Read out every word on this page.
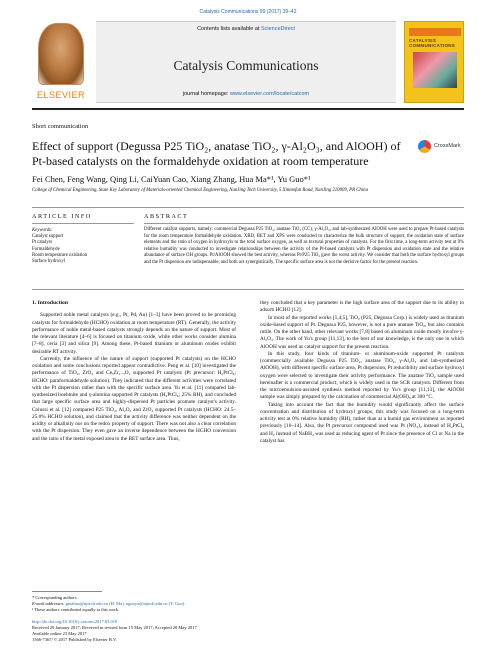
Catalysis Communications 99 (2017) 39–42
ELSEVIER
Contents lists available at ScienceDirect
Catalysis Communications
journal homepage: www.elsevier.com/locate/catcom
CATALYSIS COMMUNICATIONS
Short communication
Effect of support (Degussa P25 TiO₂, anatase TiO₂, γ-Al₂O₃, and AlOOH) of Pt-based catalysts on the formaldehyde oxidation at room temperature
CrossMark
Fei Chen, Feng Wang, Qing Li, CaiYuan Cao, Xiang Zhang, Hua Ma*¹, Yu Guo*¹
College of Chemical Engineering, State Key Laboratory of Materials-oriented Chemical Engineering, NanJing Tech University, 5 Xinmofan Road, NanJing 210009, PR China
ARTICLE INFO	ABSTRACT
Keywords:
Catalyst support
Pt catalyst
Formaldehyde
Room temperature oxidation
Surface hydroxyl
Different catalyst supports, namely: commercial Degussa P25 TiO₂, anatase TiO₂ (CC), γ-Al₂O₃, and lab-synthesized AlOOH were used to prepare Pt-based catalysts for the room temperature formaldehyde oxidation. XRD, BET and XPS were conducted to characterize the bulk structure of support, the oxidation state of surface elements and the ratio of oxygen in hydroxyls to the total surface oxygen, as well as textural properties of catalysts. For the first time, a long-term activity test at 0% relative humidity was conducted to investigate relationships between the activity of the Pt-based catalysts with Pt dispersion and oxidation state and the relative abundance of surface OH groups. Pt/AlOOH showed the best activity, whereas Pt/P25 TiO₂ gave the worst activity. We consider that both the surface hydroxyl groups and the Pt dispersion are indispensable, and both act synergistically. The specific surface area is not the decisive factor for the present reaction.
1. Introduction

Supported noble metal catalysts (e.g., Pt, Pd, Au) [1–3] have been proved to be promising catalysts for formaldehyde (HCHO) oxidation at room temperature (RT). Generally, the activity performance of noble metal-based catalysts strongly depends on the nature of support. Most of the relevant literature [4–6] is focused on titanium oxide, while other works consider alumina [7–8], ceria [3] and silica [9]. Among these, Pt-based titanium or aluminum oxides exhibit desirable RT activity.

Currently, the influence of the nature of support (supported Pt catalysts) on the HCHO oxidation and some conclusions reported appear contradictive. Peng et al. [10] investigated the performance of TiO₂, ZrO₂ and CeₓZr₁₋ₓO₂ supported Pt catalysts (Pt precursor: H₂PtCl₆; HCHO: paraformaldehyde solution). They indicated that the different activities were correlated with the Pt dispersion rather than with the specific surface area. Yu et al. [11] compared lab-synthesized boehmite and γ-alumina supported Pt catalysts (H₂PtCl₆; 25% RH), and concluded that large specific surface area and highly-dispersed Pt particles promote catalyst's activity. Colussi et al. [12] compared P25 TiO₂, Al₂O₃ and ZrO₂ supported Pt catalysts (HCHO: 24.5–25.0% HCHO solution), and claimed that the activity difference was neither dependent on the acidity or alkalinity nor on the redox property of support. There was not also a clear correlation with the Pt dispersion. They even gave an inverse dependence between the HCHO conversion and the ratio of the metal exposed area to the BET surface area. Thus,

they concluded that a key parameter is the high surface area of the support due to its ability to adsorb HCHO [12].

In most of the reported works [1,4,5], TiO₂ (P25, Degussa Corp.) is widely used as titanium oxide-based support of Pt. Degussa P25, however, is not a pure anatase TiO₂, but also contains rutile. On the other hand, other relevant works [7,8] based on aluminum oxide mostly involve γ-Al₂O₃. The work of Yu's group [11,13], to the best of our knowledge, is the only one in which AlOOH was used as catalyst support for the present reaction.

In this study, four kinds of titanium- or aluminum-oxide supported Pt catalysts (commercially available Degussa P25 TiO₂, anatase TiO₂, γ-Al₂O₃ and lab-synthesized AlOOH), with different specific surface area, Pt dispersion, Pt reducibility and surface hydroxyl oxygen were selected to investigate their activity performance. The anatase TiO₂ sample used hereinafter is a commercial product, which is widely used in the SCR catalysts. Different from the microemulsion-assisted synthesis method reported by Yu's group [11,13], the AlOOH sample was simply prepared by the calcination of commercial Al(OH)₃ at 300 °C.

Taking into account the fact that the humidity would significantly affect the surface concentration and distribution of hydroxyl groups, this study was focused on a long-term activity test at 0% relative humidity (RH), rather than at a humid gas environment as reported previously [10–14]. Also, the Pt precursor compound used was Pt (NO₃)₂ instead of H₂PtCl₆ and H₂ instead of NaBH₄ was used as reducing agent of Pt since the presence of Cl or Na in the catalyst has

* Corresponding authors.
E-mail addresses: gmahua@njtech.edu.cn (H. Ma), nguoyu@njtech.edu.cn (Y. Guo).
¹ These authors contributed equally to this work.
http://dx.doi.org/10.1016/j.catcom.2017.05.019
Received 29 January 2017; Received in revised form 15 May 2017; Accepted 20 May 2017
Available online 23 May 2017
1566-7367/ © 2017 Published by Elsevier B.V.
